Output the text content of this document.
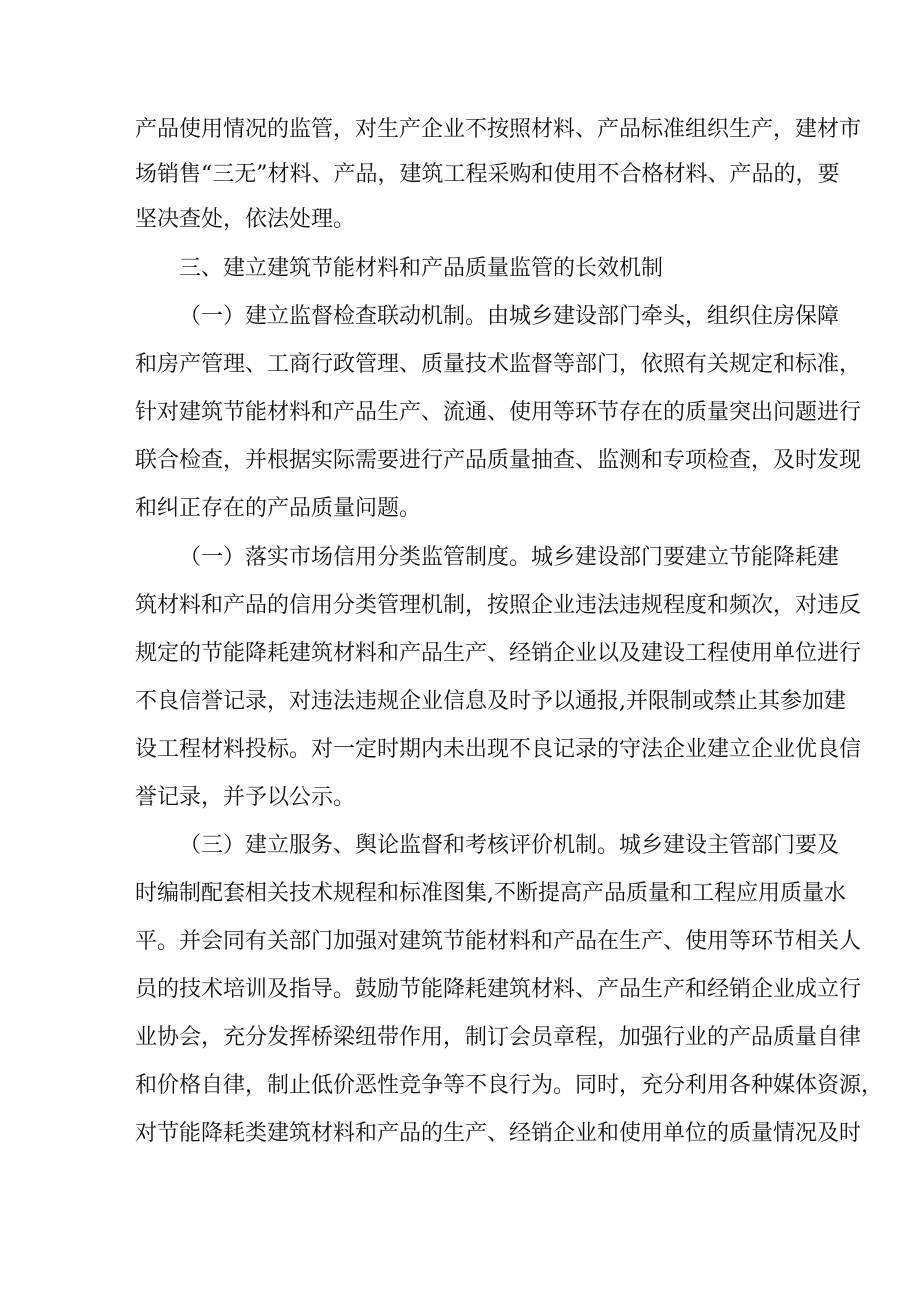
产品使用情况的监管，对生产企业不按照材料、产品标准组织生产，建材市
场销售“三无”材料、产品，建筑工程采购和使用不合格材料、产品的，要
坚决查处，依法处理。
三、建立建筑节能材料和产品质量监管的长效机制
（一）建立监督检查联动机制。由城乡建设部门牵头，组织住房保障
和房产管理、工商行政管理、质量技术监督等部门，依照有关规定和标准，
针对建筑节能材料和产品生产、流通、使用等环节存在的质量突出问题进行
联合检查，并根据实际需要进行产品质量抽查、监测和专项检查，及时发现
和纠正存在的产品质量问题。
（一）落实市场信用分类监管制度。城乡建设部门要建立节能降耗建
筑材料和产品的信用分类管理机制，按照企业违法违规程度和频次，对违反
规定的节能降耗建筑材料和产品生产、经销企业以及建设工程使用单位进行
不良信誉记录，对违法违规企业信息及时予以通报,并限制或禁止其参加建
设工程材料投标。对一定时期内未出现不良记录的守法企业建立企业优良信
誉记录，并予以公示。
（三）建立服务、舆论监督和考核评价机制。城乡建设主管部门要及
时编制配套相关技术规程和标准图集,不断提高产品质量和工程应用质量水
平。并会同有关部门加强对建筑节能材料和产品在生产、使用等环节相关人
员的技术培训及指导。鼓励节能降耗建筑材料、产品生产和经销企业成立行
业协会，充分发挥桥梁纽带作用，制订会员章程，加强行业的产品质量自律
和价格自律，制止低价恶性竞争等不良行为。同时，充分利用各种媒体资源，
对节能降耗类建筑材料和产品的生产、经销企业和使用单位的质量情况及时
